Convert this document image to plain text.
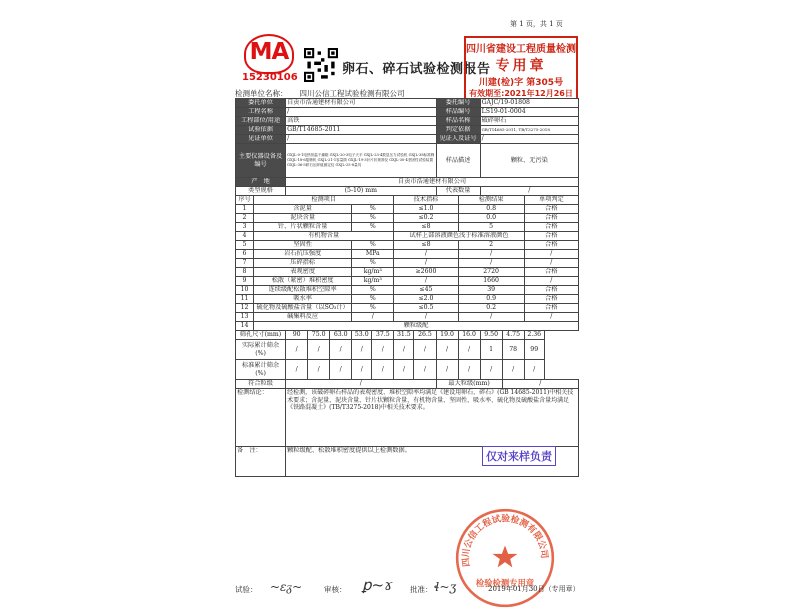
第 1 页，共 1 页
MA
15230106
卵石、碎石试验检测报告
四川省建设工程质量检测
专用章
川建(检)字 第305号
有效期至:2021年12月26日
检测单位名称： 四川公信工程试验检测有限公司
委托单位		自贡市浩通建材有限公司							委托编号		GAJC/19-01808		
工程名称		/							样品编号		LS19-01-0004		
工程部位/用途		高铁							样品名称		破碎卵石		
试验依据		GB/T14685-2011							判定依据		GB/T14685-2011, TB/T3275-2018		
见证单位		/							见证人及证号		/		
主要仪器设备及编号		GXJL-0-1电热恒温干燥箱 GXJL-20-3电子天平 GXJL-23-4数显压力试验机 GXJL-38标准筛 GXJL-18-6摇筛机 GXJL-21-1容量筒 GXJL-19-3针片状规准仪 GXJL-30-4坚固性试验装置 GXJL-36-5碎石压碎值测定仪 GXJL-25-8量具							样品描述		颗粒、无污染		
产　地		自贡市浩通建材有限公司											
类型规格		(5-10) mm							代表数量		/		
序号	检测项目						技术指标			检测结果			单项判定
1	含泥量				%		≤1.0			0.8			合格
2	泥块含量				%		≤0.2			0.0			合格
3	针、片状颗粒含量				%		≤8			5			合格
4	有机物含量						试样上部溶液颜色浅于标准溶液颜色						合格
5	坚固性				%		≤8			2			合格
6	岩石抗压强度				MPa		/			/			/
7	压碎指标				%		/			/			/
8	表观密度				kg/m³		≥2600			2720			合格
9	松散（紧密）堆积密度				kg/m³		/			1660			/
10	连续级配松散堆积空隙率				%		≤45			39			合格
11	吸水率				%		≤2.0			0.9			合格
12	硫化物及硫酸盐含量（以SO₃计）				%		≤0.5			0.2			合格
13	碱集料反应				/		/			/			/
14	颗粒级配												
筛孔尺寸(mm)		90	75.0	63.0	53.0	37.5	31.5	26.5	19.0	16.0	9.50	4.75	2.36
实际累计筛余(%)		/	/	/	/	/	/	/	/	/	1	78	99
标准累计筛余(%)		/	/	/	/	/	/	/	/	/	/	/	/
符合粒级		/							最大粒级(mm)			/	
检测结论：		经检测，该破碎卵石样品的表观密度、堆积空隙率均满足《建设用卵石、碎石》(GB 14685-2011)中相关技术要求；含泥量、泥块含量、针片状颗粒含量、有机物含量、坚固性、吸水率、硫化物及硫酸盐含量均满足《铁路混凝土》(TB/T3275-2018)中相关技术要求。											
备　注：		颗粒级配、松散堆积密度提供以上检测数据。												仅对来样负责
四川公信工程试验检测有限公司
检验检测专用章
试验： ~ɛᵹ~	审核： ꝑ~ɤ 批准： ɬ~ʒ	2019年01月30日（专用章）
